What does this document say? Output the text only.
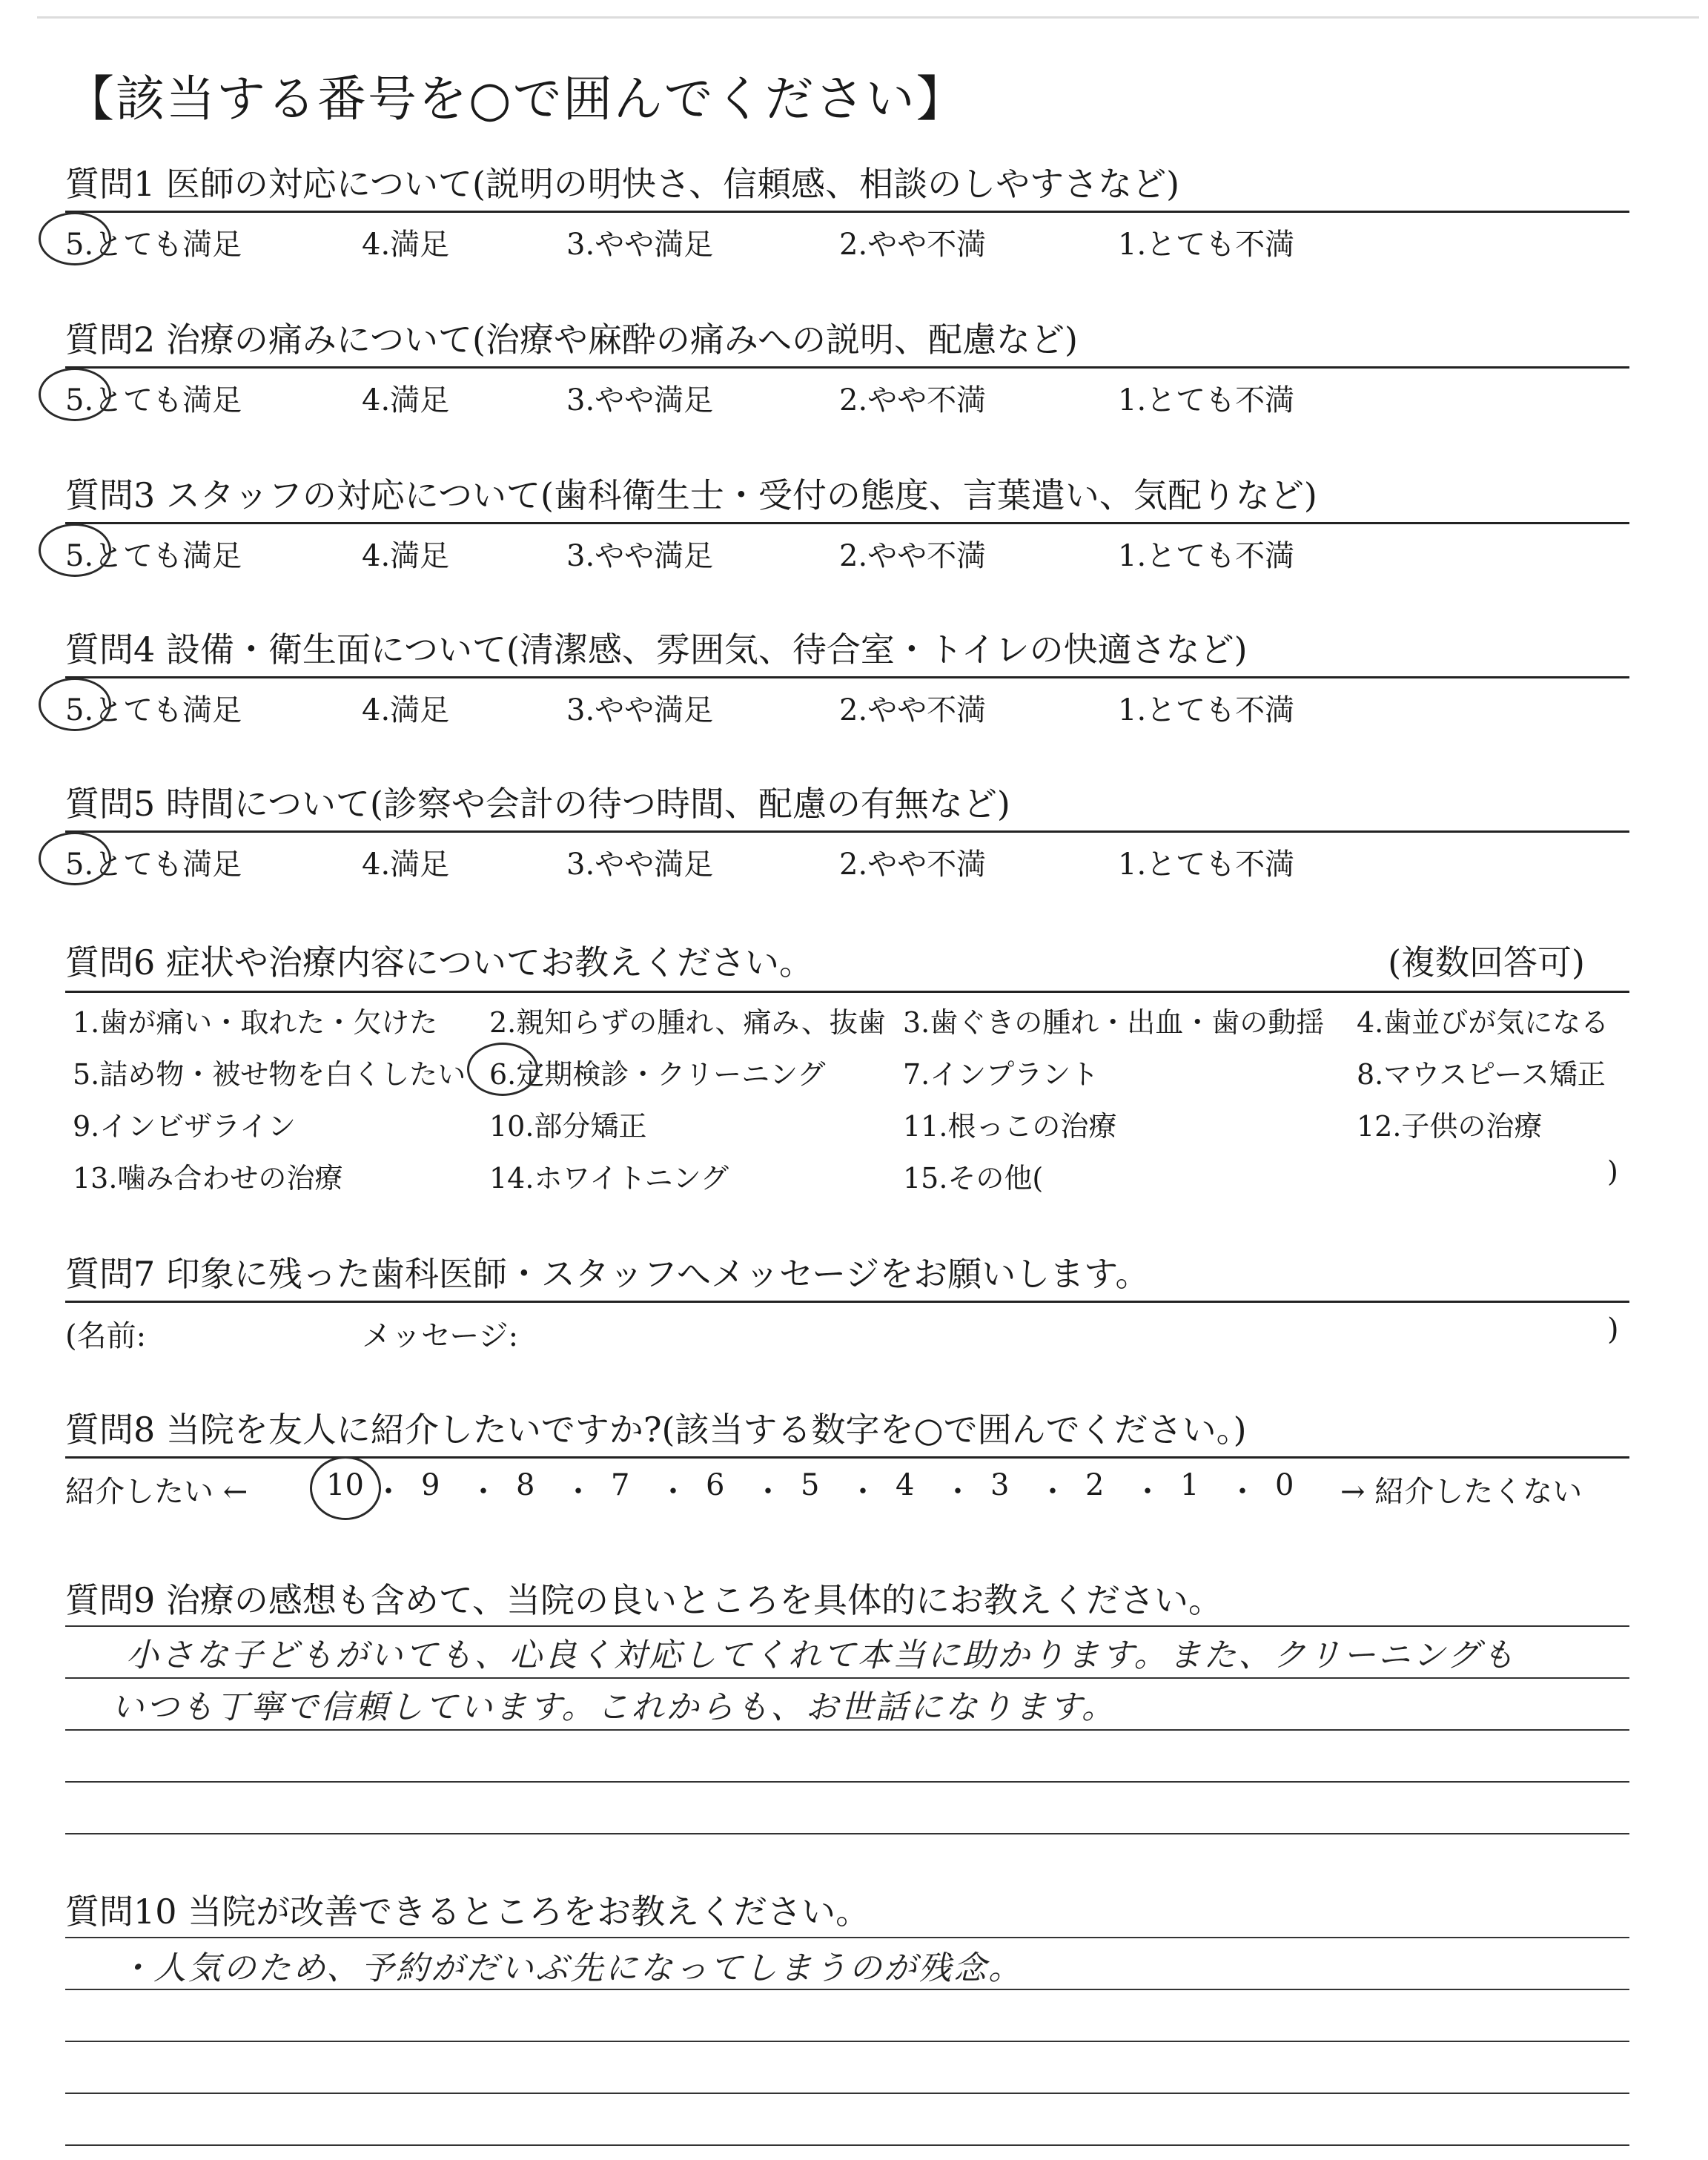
【該当する番号を○で囲んでください】
質問1 医師の対応について(説明の明快さ、信頼感、相談のしやすさなど)
5.とても満足	4.満足	3.やや満足	2.やや不満	1.とても不満
質問2 治療の痛みについて(治療や麻酔の痛みへの説明、配慮など)
5.とても満足	4.満足	3.やや満足	2.やや不満	1.とても不満
質問3 スタッフの対応について(歯科衛生士・受付の態度、言葉遣い、気配りなど)
5.とても満足	4.満足	3.やや満足	2.やや不満	1.とても不満
質問4 設備・衛生面について(清潔感、雰囲気、待合室・トイレの快適さなど)
5.とても満足	4.満足	3.やや満足	2.やや不満	1.とても不満
質問5 時間について(診察や会計の待つ時間、配慮の有無など)
5.とても満足	4.満足	3.やや満足	2.やや不満	1.とても不満
質問6 症状や治療内容についてお教えください。	(複数回答可)
1.歯が痛い・取れた・欠けた 2.親知らずの腫れ、痛み、抜歯 3.歯ぐきの腫れ・出血・歯の動揺 4.歯並びが気になる
5.詰め物・被せ物を白くしたい 6.定期検診・クリーニング	7.インプラント	8.マウスピース矯正
9.インビザライン	10.部分矯正	11.根っこの治療	12.子供の治療
13.噛み合わせの治療	14.ホワイトニング	15.その他(	)
質問7 印象に残った歯科医師・スタッフへメッセージをお願いします。
(名前:	メッセージ:	)
質問8 当院を友人に紹介したいですか?(該当する数字を○で囲んでください。)
紹介したい ←	10 ・ 9 ・ 8 ・ 7 ・ 6 ・ 5 ・ 4 ・ 3 ・ 2 ・ 1 ・ 0 → 紹介したくない
質問9 治療の感想も含めて、当院の良いところを具体的にお教えください。
小さな子どもがいても、心良く対応してくれて本当に助かります。また、クリーニングも
いつも丁寧で信頼しています。これからも、お世話になります。
質問10 当院が改善できるところをお教えください。
・人気のため、予約がだいぶ先になってしまうのが残念。
